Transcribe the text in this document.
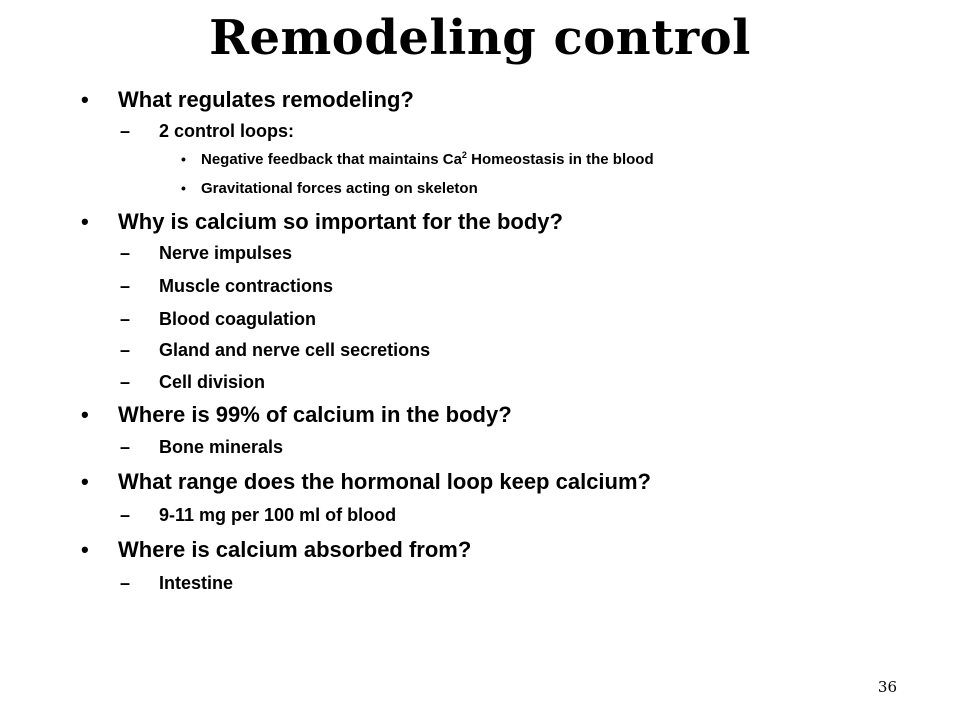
Remodeling control
• What regulates remodeling?
– 2 control loops:
• Negative feedback that maintains Ca$^2$ Homeostasis in the blood
• Gravitational forces acting on skeleton
• Why is calcium so important for the body?
– Nerve impulses
– Muscle contractions
– Blood coagulation
– Gland and nerve cell secretions
– Cell division
• Where is 99% of calcium in the body?
– Bone minerals
• What range does the hormonal loop keep calcium?
– 9-11 mg per 100 ml of blood
• Where is calcium absorbed from?
– Intestine
36
